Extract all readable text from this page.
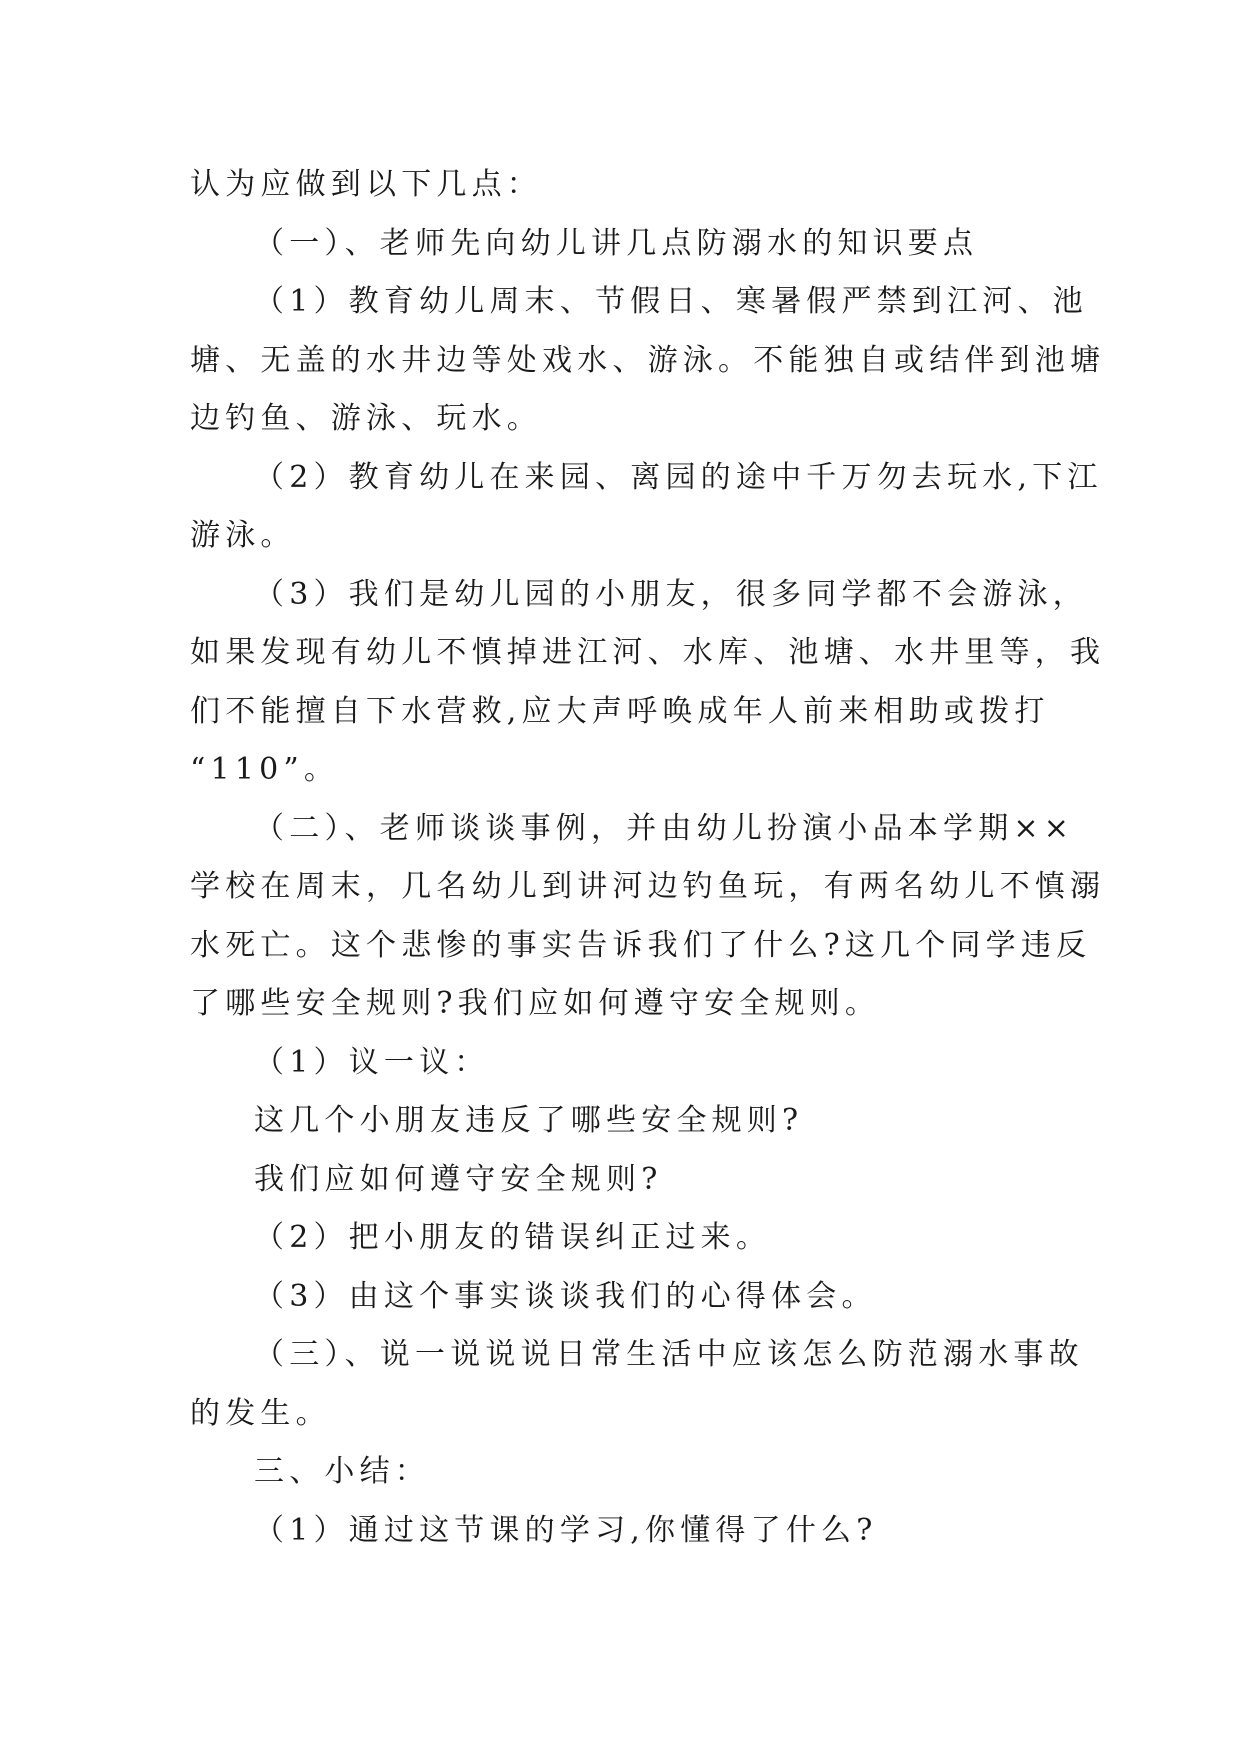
认为应做到以下几点：
（一）、老师先向幼儿讲几点防溺水的知识要点
（1）教育幼儿周末、节假日、寒暑假严禁到江河、池
塘、无盖的水井边等处戏水、游泳。不能独自或结伴到池塘
边钓鱼、游泳、玩水。
（2）教育幼儿在来园、离园的途中千万勿去玩水,下江
游泳。
（3）我们是幼儿园的小朋友，很多同学都不会游泳，
如果发现有幼儿不慎掉进江河、水库、池塘、水井里等，我
们不能擅自下水营救,应大声呼唤成年人前来相助或拨打
“110”。
（二）、老师谈谈事例，并由幼儿扮演小品本学期××
学校在周末，几名幼儿到讲河边钓鱼玩，有两名幼儿不慎溺
水死亡。这个悲惨的事实告诉我们了什么?这几个同学违反
了哪些安全规则?我们应如何遵守安全规则。
（1）议一议：
这几个小朋友违反了哪些安全规则?
我们应如何遵守安全规则?
（2）把小朋友的错误纠正过来。
（3）由这个事实谈谈我们的心得体会。
（三）、说一说说说日常生活中应该怎么防范溺水事故
的发生。
三、小结：
（1）通过这节课的学习,你懂得了什么?
